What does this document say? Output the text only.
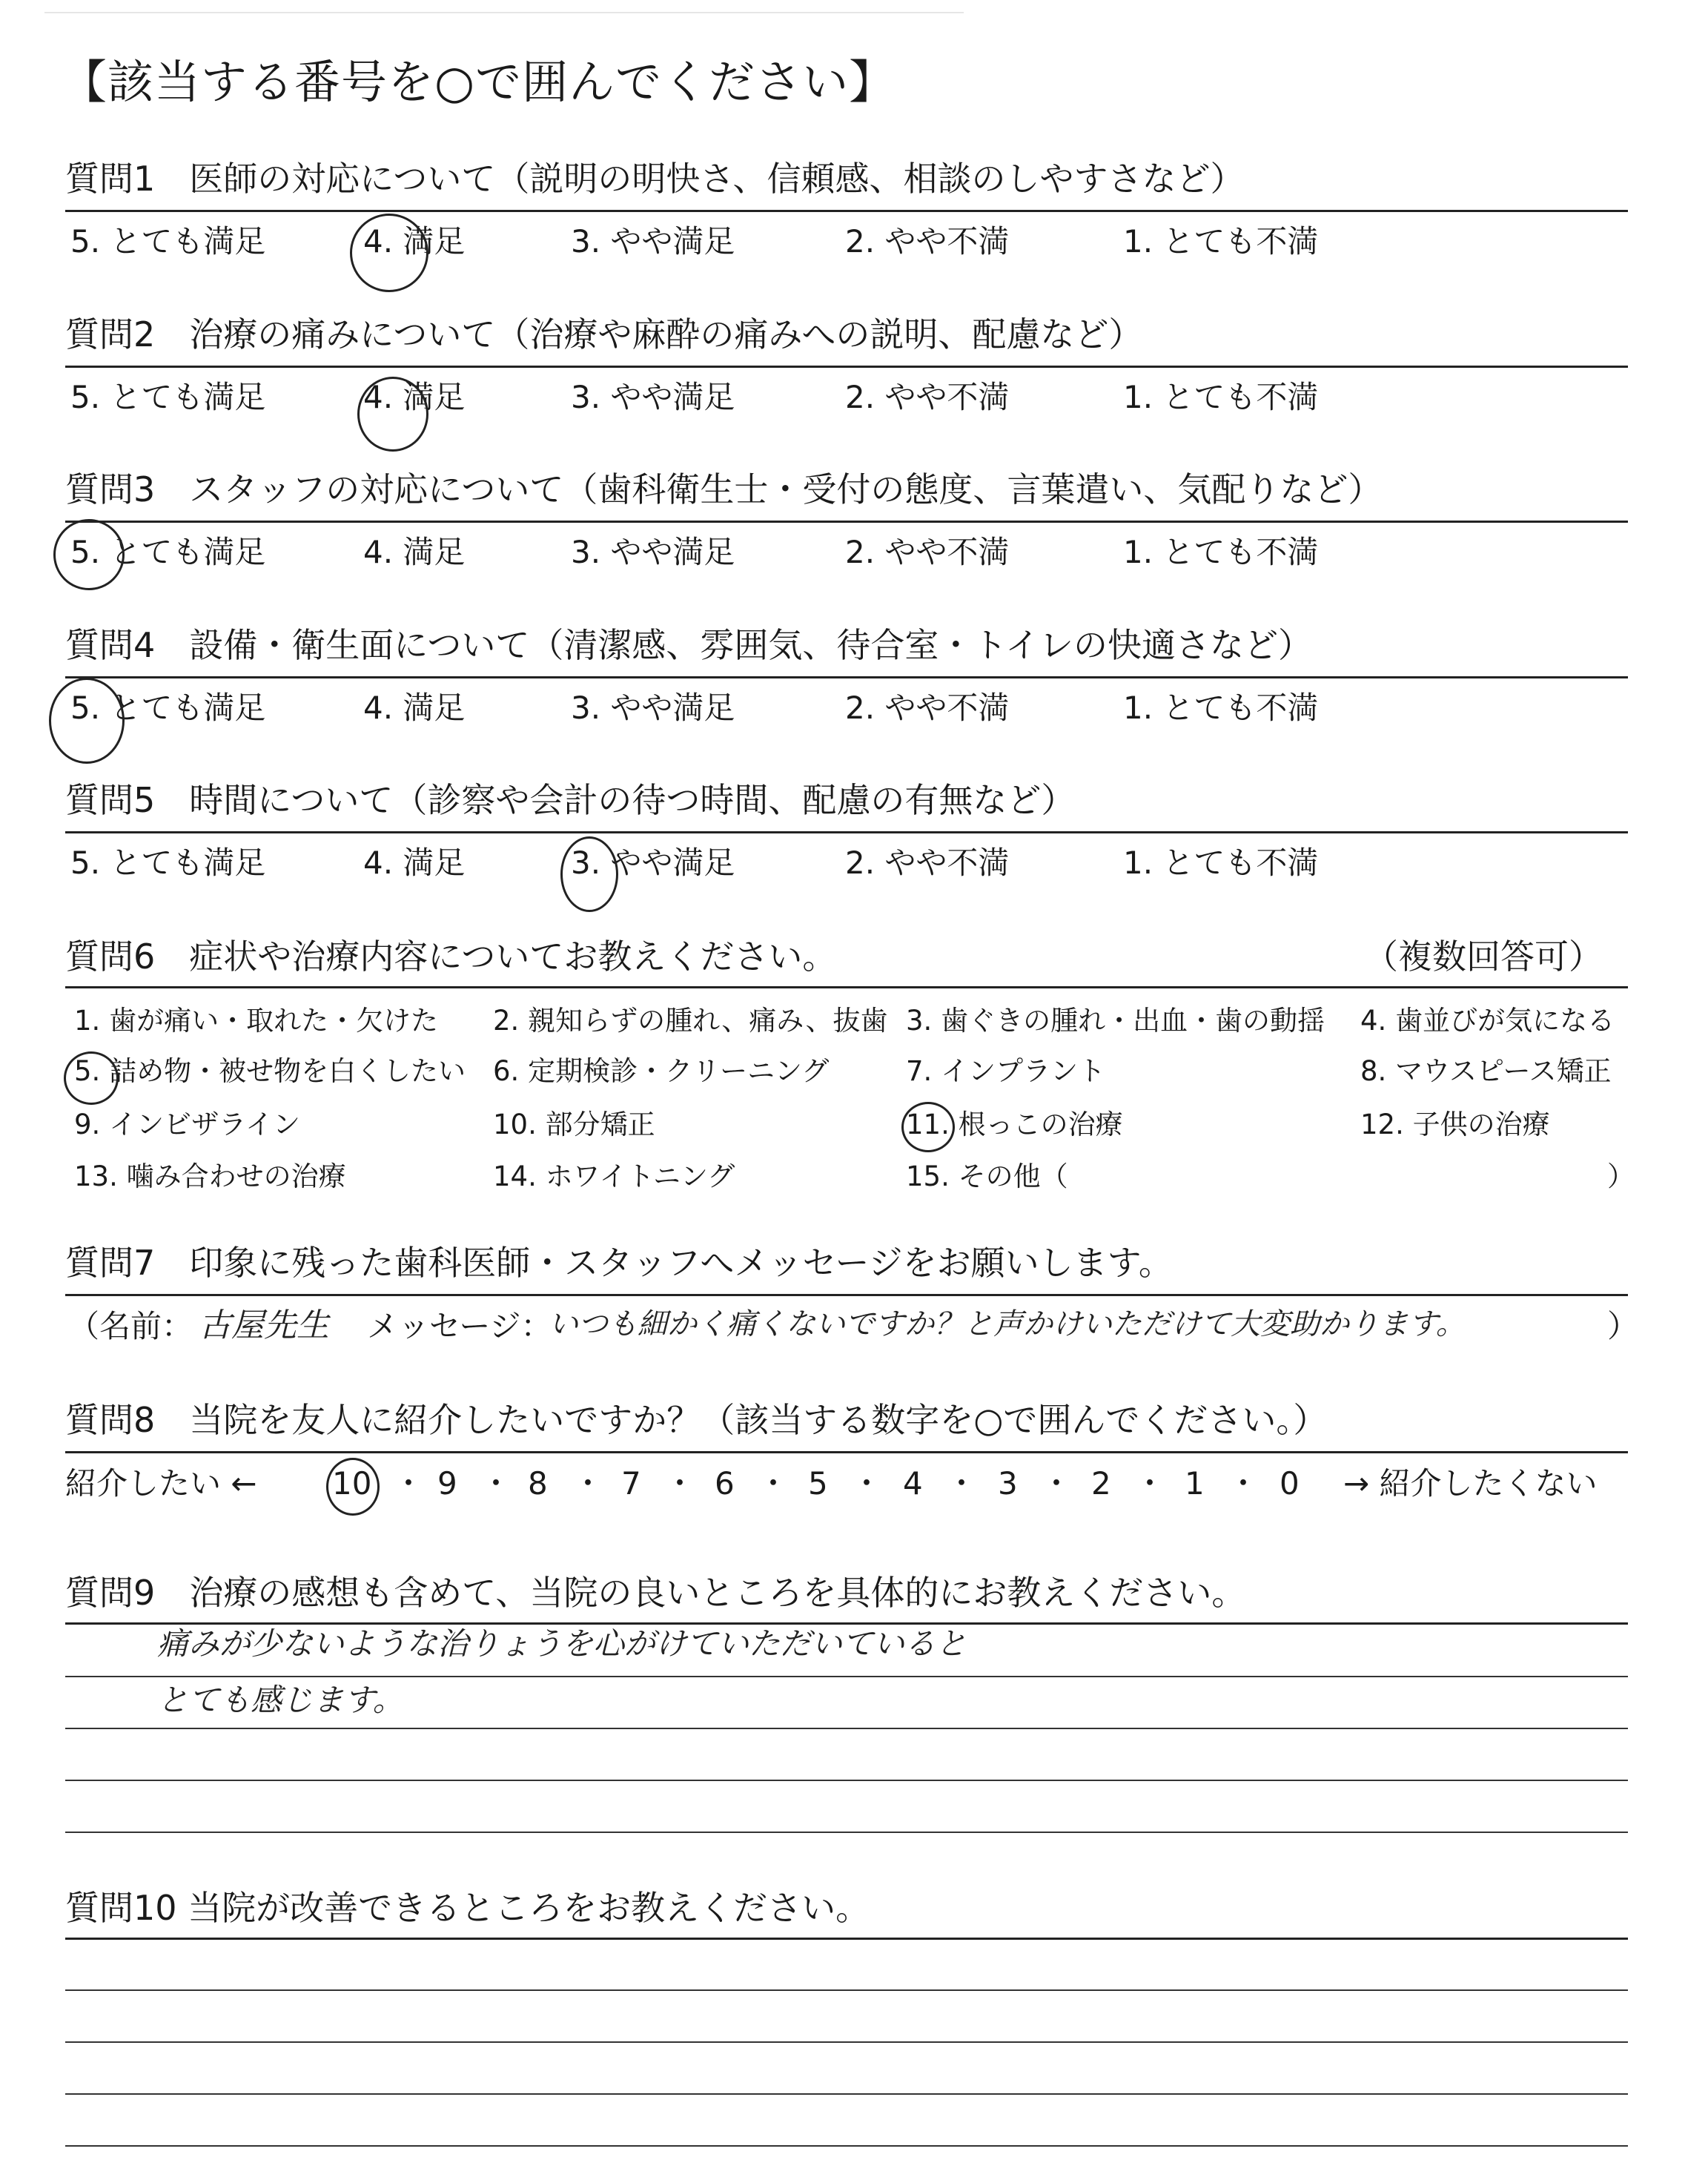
【該当する番号を○で囲んでください】
質問1　医師の対応について（説明の明快さ、信頼感、相談のしやすさなど）
5. とても満足	4. 満足	3. やや満足	2. やや不満	1. とても不満
質問2　治療の痛みについて（治療や麻酔の痛みへの説明、配慮など）
5. とても満足	4. 満足	3. やや満足	2. やや不満	1. とても不満
質問3　スタッフの対応について（歯科衛生士・受付の態度、言葉遣い、気配りなど）
5. とても満足	4. 満足	3. やや満足	2. やや不満	1. とても不満
質問4　設備・衛生面について（清潔感、雰囲気、待合室・トイレの快適さなど）
5. とても満足	4. 満足	3. やや満足	2. やや不満	1. とても不満
質問5　時間について（診察や会計の待つ時間、配慮の有無など）
5. とても満足	4. 満足	3. やや満足	2. やや不満	1. とても不満
質問6　症状や治療内容についてお教えください。	（複数回答可）
1. 歯が痛い・取れた・欠けた 2. 親知らずの腫れ、痛み、抜歯 3. 歯ぐきの腫れ・出血・歯の動揺 4. 歯並びが気になる
5. 詰め物・被せ物を白くしたい 6. 定期検診・クリーニング	7. インプラント	8. マウスピース矯正
9. インビザライン	10. 部分矯正	11. 根っこの治療	12. 子供の治療
13. 噛み合わせの治療	14. ホワイトニング	15. その他（	）
質問7　印象に残った歯科医師・スタッフへメッセージをお願いします。
（名前： 古屋先生 メッセージ：
いつも細かく痛くないですか？と声かけいただけて大変助かります。	）
質問8　当院を友人に紹介したいですか？（該当する数字を○で囲んでください。）
紹介したい ← 10 ・ 9 ・ 8 ・ 7 ・ 6 ・ 5 ・ 4 ・ 3 ・ 2 ・ 1 ・ 0 → 紹介したくない
質問9　治療の感想も含めて、当院の良いところを具体的にお教えください。
痛みが少ないような治りょうを心がけていただいていると
とても感じます。
質問10 当院が改善できるところをお教えください。
